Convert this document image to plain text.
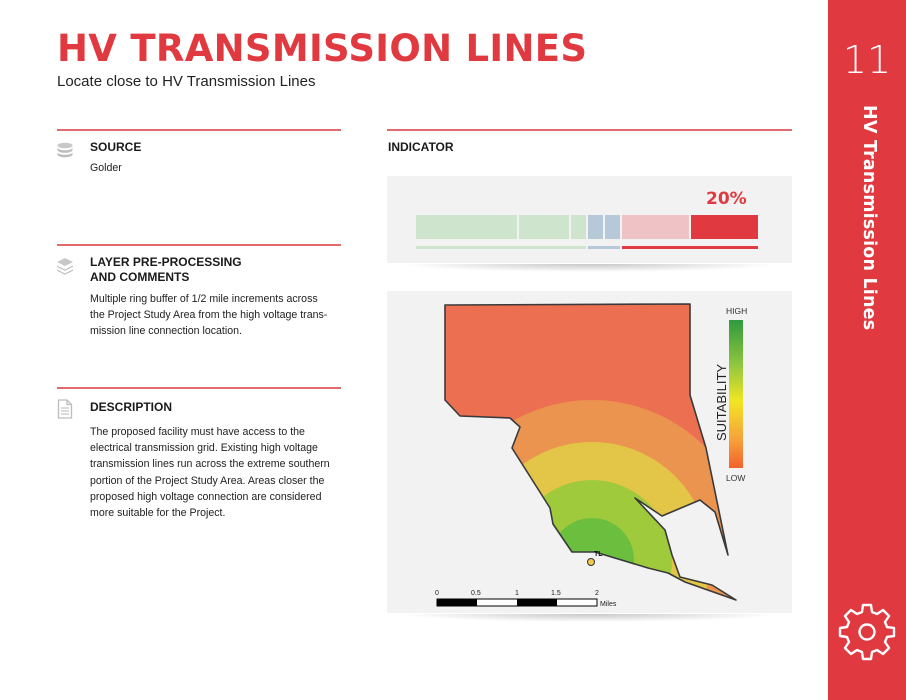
HV TRANSMISSION LINES
Locate close to HV Transmission Lines
SOURCE
Golder
LAYER PRE-PROCESSING
AND COMMENTS
Multiple ring buffer of 1/2 mile increments across
the Project Study Area from the high voltage trans-
mission line connection location.
DESCRIPTION
The proposed facility must have access to the
electrical transmission grid. Existing high voltage
transmission lines run across the extreme southern
portion of the Project Study Area. Areas closer the
proposed high voltage connection are considered
more suitable for the Project.
INDICATOR
20%
TL
HIGH
LOW
SUITABILITY
0	0.5	1	1.5	2
Miles
11
HV Transmission Lines
